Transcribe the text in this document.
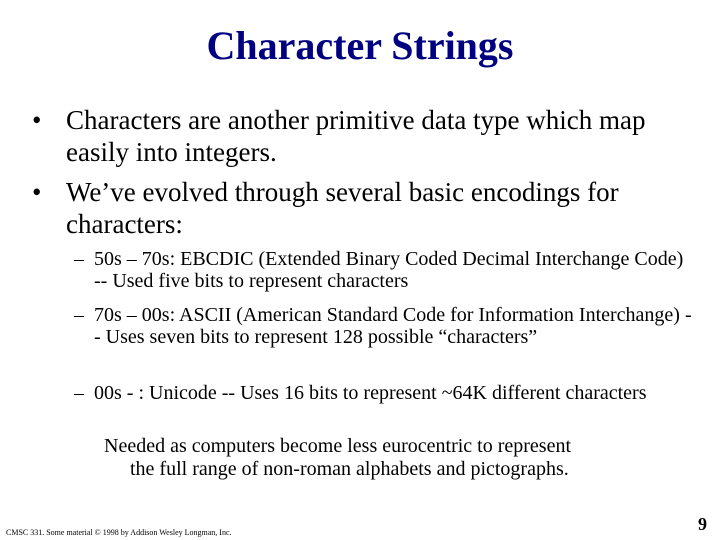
Character Strings
• Characters are another primitive data type which map easily into integers.
• We’ve evolved through several basic encodings for characters:
– 50s – 70s: EBCDIC (Extended Binary Coded Decimal Interchange Code) -- Used five bits to represent characters
– 70s – 00s: ASCII (American Standard Code for Information Interchange) -- Uses seven bits to represent 128 possible “characters”
– 00s - : Unicode -- Uses 16 bits to represent ~64K different characters
Needed as computers become less eurocentric to represent
the full range of non-roman alphabets and pictographs.
CMSC 331. Some material © 1998 by Addison Wesley Longman, Inc.	9
